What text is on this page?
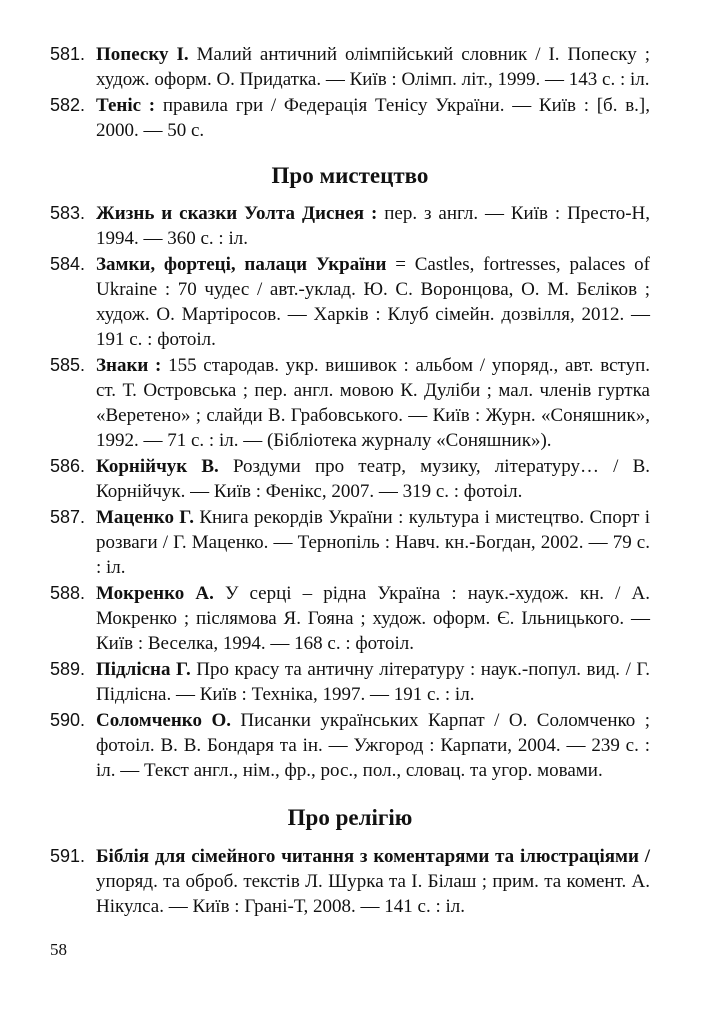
581. Попеску І. Малий античний олімпійський словник / І. Попеску ; худож. оформ. О. Придатка. — Київ : Олімп. літ., 1999. — 143 с. : іл.
582. Теніс : правила гри / Федерація Тенісу України. — Київ : [б. в.], 2000. — 50 с.
Про мистецтво
583. Жизнь и сказки Уолта Диснея : пер. з англ. — Київ : Престо-Н, 1994. — 360 с. : іл.
584. Замки, фортеці, палаци України = Castles, fortresses, palaces of Ukraine : 70 чудес / авт.-уклад. Ю. С. Воронцова, О. М. Бєліков ; худож. О. Мартіросов. — Харків : Клуб сімейн. дозвілля, 2012. — 191 с. : фотоіл.
585. Знаки : 155 стародав. укр. вишивок : альбом / упоряд., авт. вступ. ст. Т. Островська ; пер. англ. мовою К. Дуліби ; мал. членів гуртка «Веретено» ; слайди В. Грабовського. — Київ : Журн. «Соняшник», 1992. — 71 с. : іл. — (Бібліотека журналу «Соняшник»).
586. Корнійчук В. Роздуми про театр, музику, літературу… / В. Корнійчук. — Київ : Фенікс, 2007. — 319 с. : фотоіл.
587. Маценко Г. Книга рекордів України : культура і мистецтво. Спорт і розваги / Г. Маценко. — Тернопіль : Навч. кн.-Богдан, 2002. — 79 с. : іл.
588. Мокренко А. У серці – рідна Україна : наук.-худож. кн. / А. Мокренко ; післямова Я. Гояна ; худож. оформ. Є. Ільницького. — Київ : Веселка, 1994. — 168 с. : фотоіл.
589. Підлісна Г. Про красу та античну літературу : наук.-попул. вид. / Г. Підлісна. — Київ : Техніка, 1997. — 191 с. : іл.
590. Соломченко О. Писанки українських Карпат / О. Соломченко ; фотоіл. В. В. Бондаря та ін. — Ужгород : Карпати, 2004. — 239 с. : іл. — Текст англ., нім., фр., рос., пол., словац. та угор. мовами.
Про релігію
591. Біблія для сімейного читання з коментарями та ілюстраціями / упоряд. та оброб. текстів Л. Шурка та І. Білаш ; прим. та комент. А. Нікулса. — Київ : Грані-Т, 2008. — 141 с. : іл.
58
